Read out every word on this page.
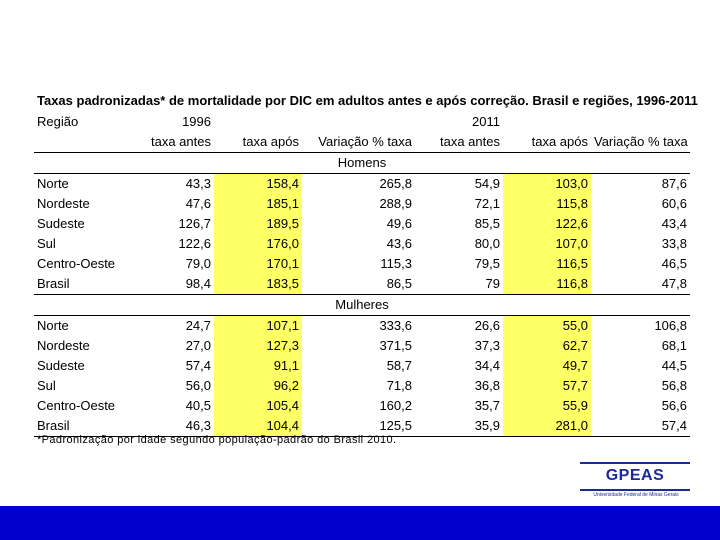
Taxas padronizadas* de mortalidade por DIC em adultos antes e após correção. Brasil e regiões, 1996-2011
Região	1996			2011		
	taxa antes	taxa após	Variação % taxa	taxa antes	taxa após	Variação % taxa
Homens						
Norte	43,3	158,4	265,8	54,9	103,0	87,6
Nordeste	47,6	185,1	288,9	72,1	115,8	60,6
Sudeste	126,7	189,5	49,6	85,5	122,6	43,4
Sul	122,6	176,0	43,6	80,0	107,0	33,8
Centro-Oeste	79,0	170,1	115,3	79,5	116,5	46,5
Brasil	98,4	183,5	86,5	79	116,8	47,8
Mulheres						
Norte	24,7	107,1	333,6	26,6	55,0	106,8
Nordeste	27,0	127,3	371,5	37,3	62,7	68,1
Sudeste	57,4	91,1	58,7	34,4	49,7	44,5
Sul	56,0	96,2	71,8	36,8	57,7	56,8
Centro-Oeste	40,5	105,4	160,2	35,7	55,9	56,6
Brasil	46,3	104,4	125,5	35,9	281,0	57,4
*Padronização por idade segundo população-padrão do Brasil 2010.
GPEAS
Universidade Federal de Minas Gerais
